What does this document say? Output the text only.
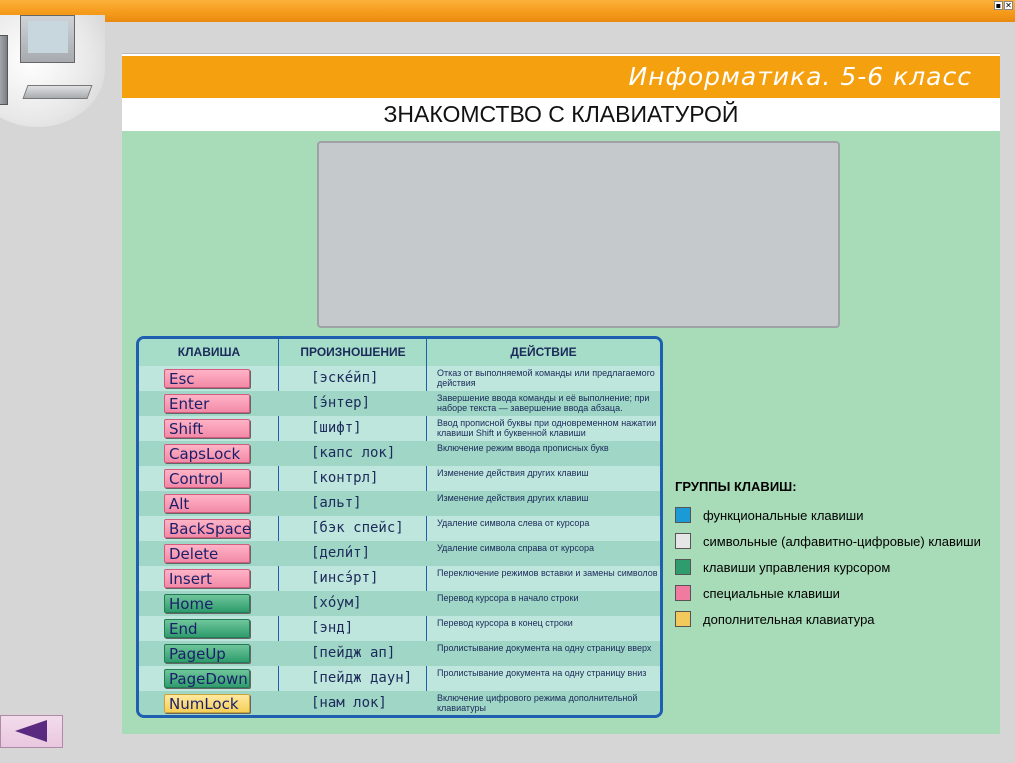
▪ ✕
Информатика. 5-6 класс
ЗНАКОМСТВО С КЛАВИАТУРОЙ
КЛАВИША	ПРОИЗНОШЕНИЕ	ДЕЙСТВИЕ
Esc	[эске́йп]	Отказ от выполняемой команды или предлагаемого действия
Enter	[э́нтер]	Завершение ввода команды и её выполнение; при наборе текста — завершение ввода абзаца.
Shift	[шифт]	Ввод прописной буквы при одновременном нажатии клавиши Shift и буквенной клавиши
CapsLock	[капс лок]	Включение режим ввода прописных букв
Control	[контрл]	Изменение действия других клавиш
Alt	[альт]	Изменение действия других клавиш
BackSpace	[бэк спейс]	Удаление символа слева от курсора
Delete	[дели́т]	Удаление символа справа от курсора
Insert	[инсэ́рт]	Переключение режимов вставки и замены символов
Home	[хо́ум]	Перевод курсора в начало строки
End	[энд]	Перевод курсора в конец строки
PageUp	[пейдж ап]	Пролистывание документа на одну страницу вверх
PageDown	[пейдж даун]	Пролистывание документа на одну страницу вниз
NumLock	[нам лок]	Включение цифрового режима дополнительной клавиатуры
ГРУППЫ КЛАВИШ:
функциональные клавиши
символьные (алфавитно-цифровые) клавиши
клавиши управления курсором
специальные клавиши
дополнительная клавиатура
